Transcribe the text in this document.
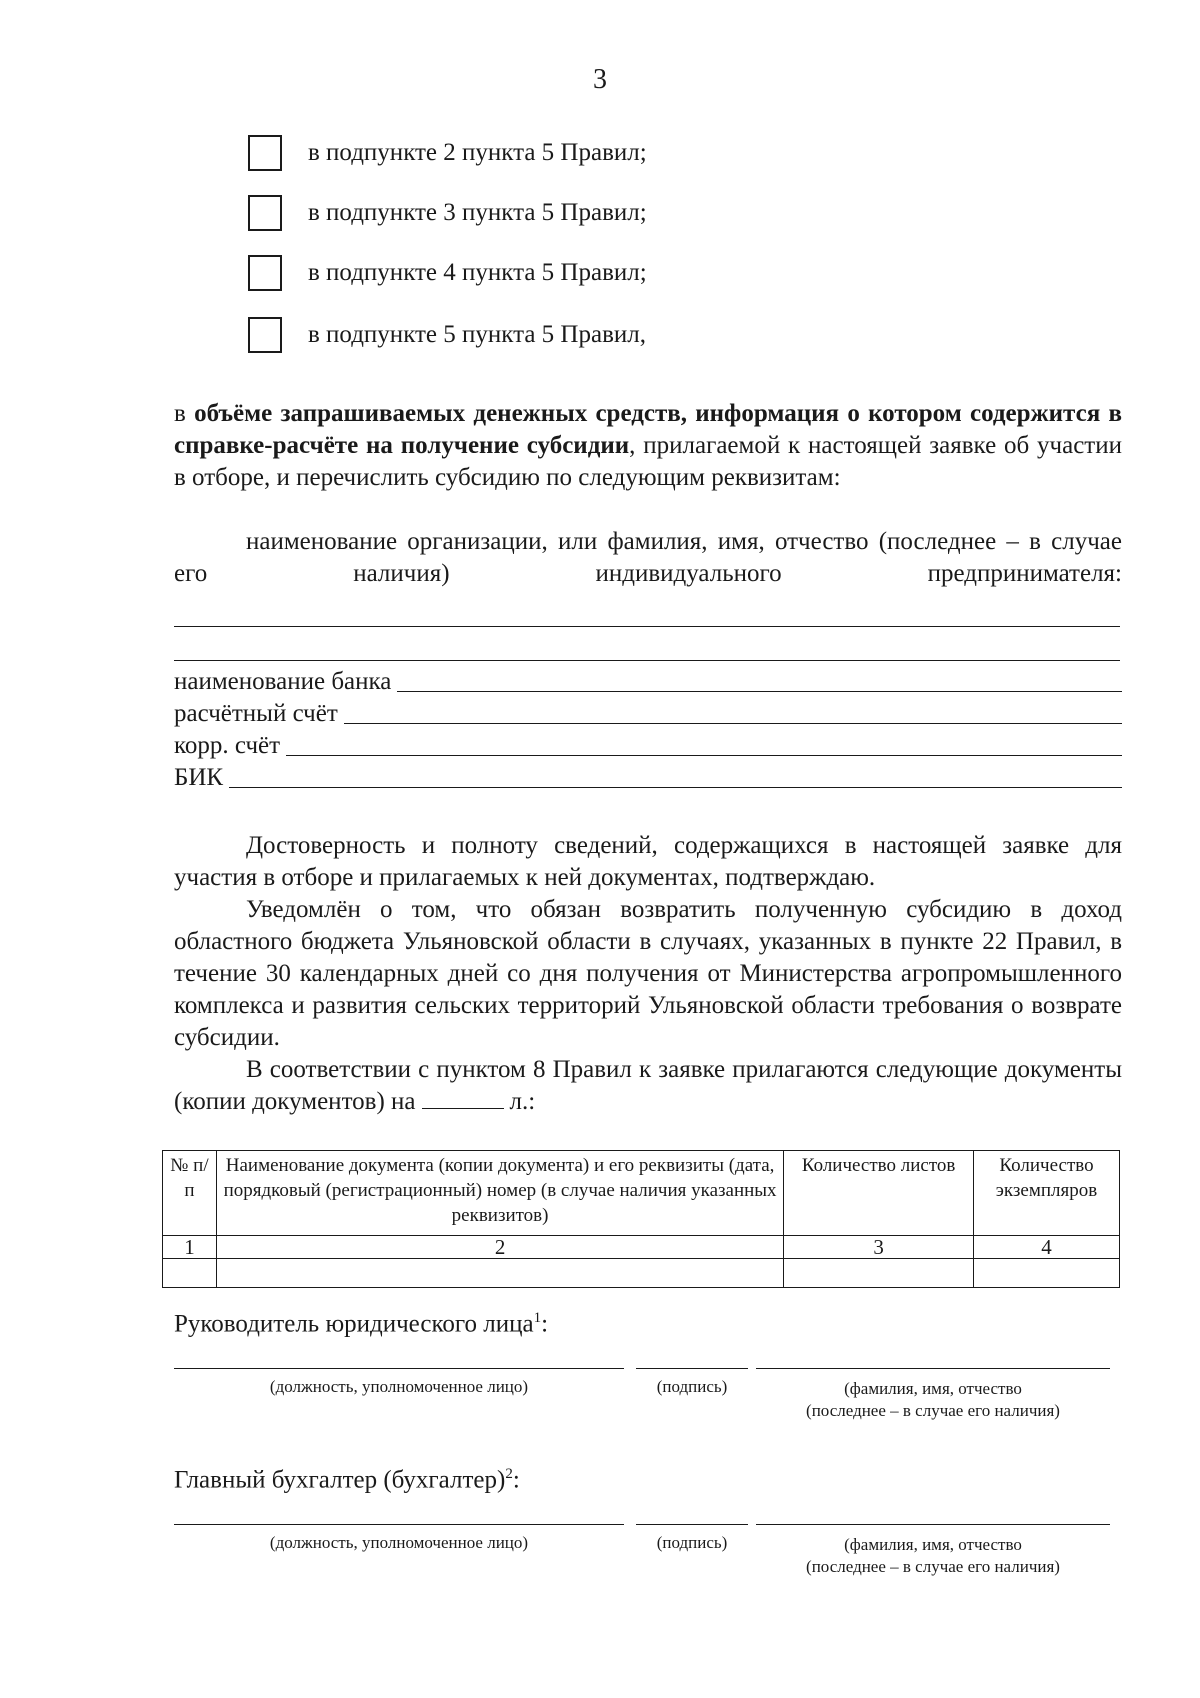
3
в подпункте 2 пункта 5 Правил;
в подпункте 3 пункта 5 Правил;
в подпункте 4 пункта 5 Правил;
в подпункте 5 пункта 5 Правил,
в объёме запрашиваемых денежных средств, информация о котором содержится в справке-расчёте на получение субсидии, прилагаемой к настоящей заявке об участии в отборе, и перечислить субсидию по следующим реквизитам:
наименование организации, или фамилия, имя, отчество (последнее – в случае его наличия) индивидуального предпринимателя:
наименование банка
расчётный счёт
корр. счёт
БИК
Достоверность и полноту сведений, содержащихся в настоящей заявке для участия в отборе и прилагаемых к ней документах, подтверждаю.
Уведомлён о том, что обязан возвратить полученную субсидию в доход областного бюджета Ульяновской области в случаях, указанных в пункте 22 Правил, в течение 30 календарных дней со дня получения от Министерства агропромышленного комплекса и развития сельских территорий Ульяновской области требования о возврате субсидии.
В соответствии с пунктом 8 Правил к заявке прилагаются следующие документы (копии документов) на	л.:
№ п/п	Наименование документа (копии документа) и его реквизиты (дата, порядковый (регистрационный) номер (в случае наличия указанных реквизитов)	Количество листов	Количество экземпляров
1	2	3	4

Руководитель юридического лица$^1$:
(должность, уполномоченное лицо)	(подпись)	(фамилия, имя, отчество
(последнее – в случае его наличия)
Главный бухгалтер (бухгалтер)$^2$:
(должность, уполномоченное лицо)	(подпись)	(фамилия, имя, отчество
(последнее – в случае его наличия)
